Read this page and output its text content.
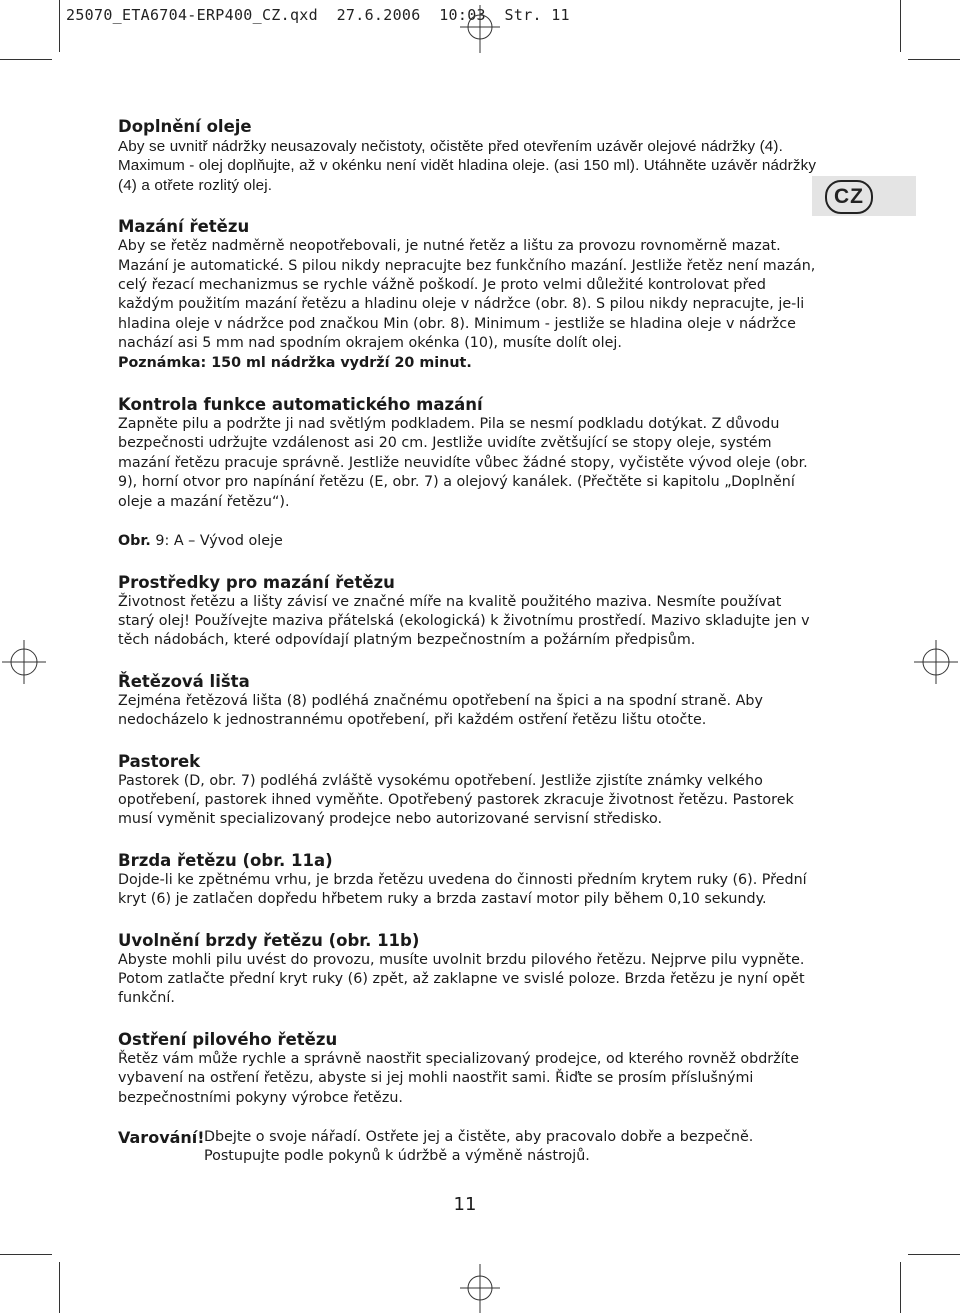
25070_ETA6704-ERP400_CZ.qxd  27.6.2006  10:03  Str. 11
CZ
Doplnění oleje

Aby se uvnitř nádržky neusazovaly nečistoty, očistěte před otevřením uzávěr olejové nádržky (4). Maximum - olej doplňujte, až v okénku není vidět hladina oleje. (asi 150 ml). Utáhněte uzávěr nádržky (4) a otřete rozlitý olej.

Mazání řetězu

Aby se řetěz nadměrně neopotřebovali, je nutné řetěz a lištu za provozu rovnoměrně mazat. Mazání je automatické. S pilou nikdy nepracujte bez funkčního mazání. Jestliže řetěz není mazán, celý řezací mechanizmus se rychle vážně poškodí. Je proto velmi důležité kontrolovat před každým použitím mazání řetězu a hladinu oleje v nádržce (obr. 8). S pilou nikdy nepracujte, je-li hladina oleje v nádržce pod značkou Min (obr. 8). Minimum - jestliže se hladina oleje v nádržce nachází asi 5 mm nad spodním okrajem okénka (10), musíte dolít olej.

Poznámka: 150 ml nádržka vydrží 20 minut.

Kontrola funkce automatického mazání

Zapněte pilu a podržte ji nad světlým podkladem. Pila se nesmí podkladu dotýkat. Z důvodu bezpečnosti udržujte vzdálenost asi 20 cm. Jestliže uvidíte zvětšující se stopy oleje, systém mazání řetězu pracuje správně. Jestliže neuvidíte vůbec žádné stopy, vyčistěte vývod oleje (obr. 9), horní otvor pro napínání řetězu (E, obr. 7) a olejový kanálek. (Přečtěte si kapitolu „Doplnění oleje a mazání řetězu“).

Obr. 9: A – Vývod oleje

Prostředky pro mazání řetězu

Životnost řetězu a lišty závisí ve značné míře na kvalitě použitého maziva. Nesmíte používat starý olej! Používejte maziva přátelská (ekologická) k životnímu prostředí. Mazivo skladujte jen v těch nádobách, které odpovídají platným bezpečnostním a požárním předpisům.

Řetězová lišta

Zejména řetězová lišta (8) podléhá značnému opotřebení na špici a na spodní straně. Aby nedocházelo k jednostrannému opotřebení, při každém ostření řetězu lištu otočte.

Pastorek

Pastorek (D, obr. 7) podléhá zvláště vysokému opotřebení. Jestliže zjistíte známky velkého opotřebení, pastorek ihned vyměňte. Opotřebený pastorek zkracuje životnost řetězu. Pastorek musí vyměnit specializovaný prodejce nebo autorizované servisní středisko.

Brzda řetězu (obr. 11a)

Dojde-li ke zpětnému vrhu, je brzda řetězu uvedena do činnosti předním krytem ruky (6). Přední kryt (6) je zatlačen dopředu hřbetem ruky a brzda zastaví motor pily během 0,10 sekundy.

Uvolnění brzdy řetězu (obr. 11b)

Abyste mohli pilu uvést do provozu, musíte uvolnit brzdu pilového řetězu. Nejprve pilu vypněte. Potom zatlačte přední kryt ruky (6) zpět, až zaklapne ve svislé poloze. Brzda řetězu je nyní opět funkční.

Ostření pilového řetězu

Řetěz vám může rychle a správně naostřit specializovaný prodejce, od kterého rovněž obdržíte vybavení na ostření řetězu, abyste si jej mohli naostřit sami. Řiďte se prosím příslušnými bezpečnostními pokyny výrobce řetězu.

Varování! Dbejte o svoje nářadí. Ostřete jej a čistěte, aby pracovalo dobře a bezpečně. Postupujte podle pokynů k údržbě a výměně nástrojů.

11
